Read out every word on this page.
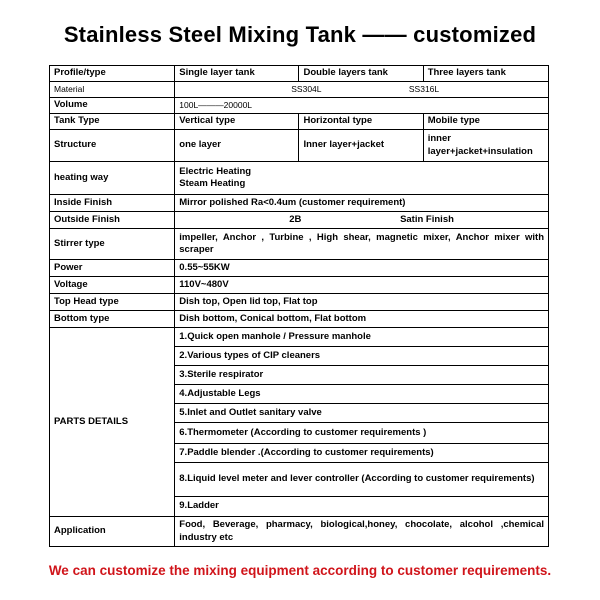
Stainless Steel Mixing Tank —— customized
Profile/type	Single layer tank	Double layers tank	Three layers tank
Material	SS304L SS316L		
Volume	100L———20000L		
Tank Type	Vertical type	Horizontal type	Mobile type
Structure	one layer	Inner layer+jacket	inner
layer+jacket+insulation

heating way	Electric Heating
Steam Heating		

Inside Finish	Mirror polished Ra<0.4um (customer requirement)		
Outside Finish	2B Satin Finish		
Stirrer type	impeller, Anchor , Turbine , High shear, magnetic mixer, Anchor mixer with scraper		
Power	0.55~55KW		
Voltage	110V~480V		
Top Head type	Dish top, Open lid top, Flat top		
Bottom type	Dish bottom, Conical bottom, Flat bottom		
PARTS DETAILS	1.Quick open manhole / Pressure manhole		
	2.Various types of CIP cleaners		
	3.Sterile respirator		
	4.Adjustable Legs		
	5.Inlet and Outlet sanitary valve		
	6.Thermometer (According to customer requirements )		
	7.Paddle blender .(According to customer requirements)		
	8.Liquid level meter and lever controller (According to customer requirements)		
	9.Ladder		
Application	Food, Beverage, pharmacy, biological,honey, chocolate, alcohol ,chemical industry etc		
We can customize the mixing equipment according to customer requirements.
